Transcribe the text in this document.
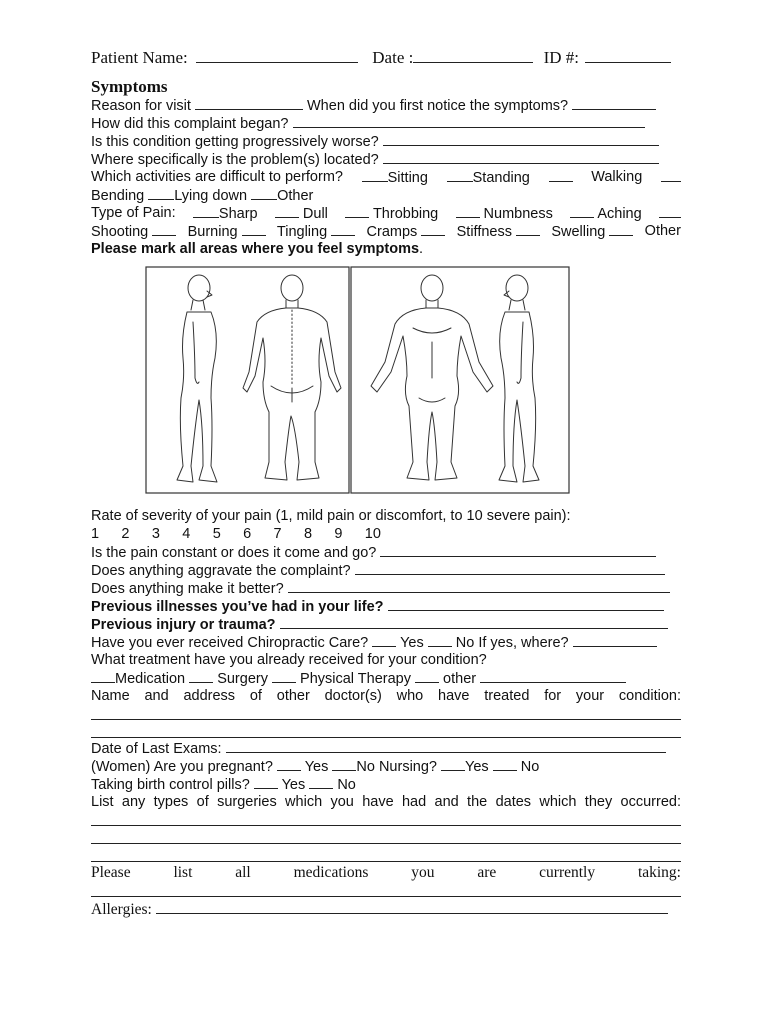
Patient Name:	Date :	ID #:
Symptoms
Reason for visit	When did you first notice the symptoms?
How did this complaint began?
Is this condition getting progressively worse?
Where specifically is the problem(s) located?
Which activities are difficult to perform?	Sitting	Standing	Walking
Bending Lying down Other
Type of Pain:	Sharp	Dull	Throbbing	Numbness	Aching
Shooting	Burning	Tingling	Cramps	Stiffness	Swelling	Other
Please mark all areas where you feel symptoms.
Rate of severity of your pain (1, mild pain or discomfort, to 10 severe pain):
1 2 3 4 5 6 7 8 9 10
Is the pain constant or does it come and go?
Does anything aggravate the complaint?
Does anything make it better?
Previous illnesses you’ve had in your life?
Previous injury or trauma?
Have you ever received Chiropractic Care? Yes No If yes, where?
What treatment have you already received for your condition?
Medication Surgery Physical Therapy other
Name and address of other doctor(s) who have treated for your condition:
Date of Last Exams:
(Women) Are you pregnant? Yes No Nursing? Yes No
Taking birth control pills? Yes No
List any types of surgeries which you have had and the dates which they occurred:
Please list all medications you are currently taking:
Allergies:
